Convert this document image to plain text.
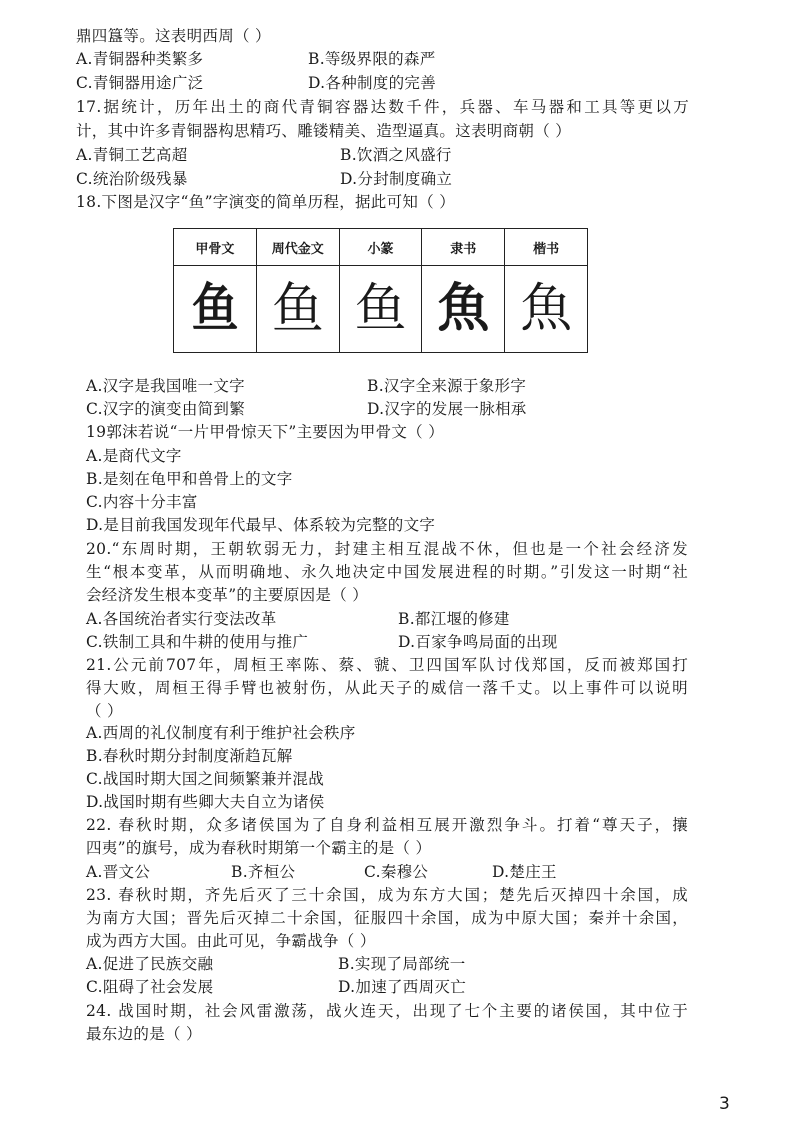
鼎四簋等。这表明西周（ ）
A.青铜器种类繁多	B.等级界限的森严
C.青铜器用途广泛	D.各种制度的完善
17.据统计，历年出土的商代青铜容器达数千件，兵器、车马器和工具等更以万
计，其中许多青铜器构思精巧、雕镂精美、造型逼真。这表明商朝（ ）
A.青铜工艺高超	B.饮酒之风盛行
C.统治阶级残暴	D.分封制度确立
18.下图是汉字“鱼”字演变的简单历程，据此可知（ ）
甲骨文	周代金文	小篆	隶书	楷书
鱼	鱼	鱼	魚	魚
A.汉字是我国唯一文字	B.汉字全来源于象形字
C.汉字的演变由简到繁	D.汉字的发展一脉相承
19郭沫若说“一片甲骨惊天下”主要因为甲骨文（ ）
A.是商代文字
B.是刻在龟甲和兽骨上的文字
C.内容十分丰富
D.是目前我国发现年代最早、体系较为完整的文字
20.“东周时期，王朝软弱无力，封建主相互混战不休，但也是一个社会经济发
生“根本变革，从而明确地、永久地决定中国发展进程的时期。”引发这一时期“社
会经济发生根本变革”的主要原因是（ ）
A.各国统治者实行变法改革	B.都江堰的修建
C.铁制工具和牛耕的使用与推广	D.百家争鸣局面的出现
21.公元前707年，周桓王率陈、蔡、虢、卫四国军队讨伐郑国，反而被郑国打
得大败，周桓王得手臂也被射伤，从此天子的威信一落千丈。以上事件可以说明
（ ）
A.西周的礼仪制度有利于维护社会秩序
B.春秋时期分封制度渐趋瓦解
C.战国时期大国之间频繁兼并混战
D.战国时期有些卿大夫自立为诸侯
22. 春秋时期，众多诸侯国为了自身利益相互展开激烈争斗。打着“尊天子，攘
四夷”的旗号，成为春秋时期第一个霸主的是（ ）
A.晋文公	B.齐桓公	C.秦穆公	D.楚庄王
23. 春秋时期，齐先后灭了三十余国，成为东方大国；楚先后灭掉四十余国，成
为南方大国；晋先后灭掉二十余国，征服四十余国，成为中原大国；秦并十余国，
成为西方大国。由此可见，争霸战争（ ）
A.促进了民族交融	B.实现了局部统一
C.阻碍了社会发展	D.加速了西周灭亡
24. 战国时期，社会风雷激荡，战火连天，出现了七个主要的诸侯国，其中位于
最东边的是（ ）
3
